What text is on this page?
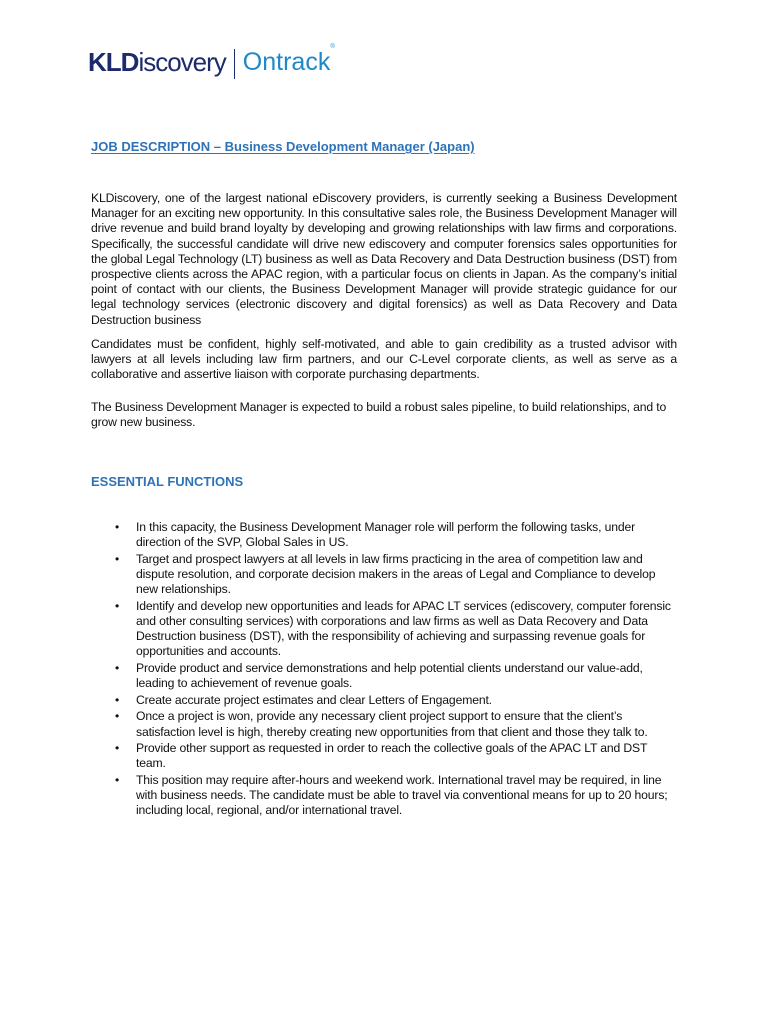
KLDiscovery Ontrack®
JOB DESCRIPTION – Business Development Manager (Japan)

KLDiscovery, one of the largest national eDiscovery providers, is currently seeking a Business Development Manager for an exciting new opportunity. In this consultative sales role, the Business Development Manager will drive revenue and build brand loyalty by developing and growing relationships with law firms and corporations. Specifically, the successful candidate will drive new ediscovery and computer forensics sales opportunities for the global Legal Technology (LT) business as well as Data Recovery and Data Destruction business (DST) from prospective clients across the APAC region, with a particular focus on clients in Japan. As the company’s initial point of contact with our clients, the Business Development Manager will provide strategic guidance for our legal technology services (electronic discovery and digital forensics) as well as Data Recovery and Data Destruction business

Candidates must be confident, highly self-motivated, and able to gain credibility as a trusted advisor with lawyers at all levels including law firm partners, and our C-Level corporate clients, as well as serve as a collaborative and assertive liaison with corporate purchasing departments.

The Business Development Manager is expected to build a robust sales pipeline, to build relationships, and to grow new business.

ESSENTIAL FUNCTIONS
• In this capacity, the Business Development Manager role will perform the following tasks, under direction of the SVP, Global Sales in US.
• Target and prospect lawyers at all levels in law firms practicing in the area of competition law and dispute resolution, and corporate decision makers in the areas of Legal and Compliance to develop new relationships.
• Identify and develop new opportunities and leads for APAC LT services (ediscovery, computer forensic and other consulting services) with corporations and law firms as well as Data Recovery and Data Destruction business (DST), with the responsibility of achieving and surpassing revenue goals for opportunities and accounts.
• Provide product and service demonstrations and help potential clients understand our value-add, leading to achievement of revenue goals.
• Create accurate project estimates and clear Letters of Engagement.
• Once a project is won, provide any necessary client project support to ensure that the client’s satisfaction level is high, thereby creating new opportunities from that client and those they talk to.
• Provide other support as requested in order to reach the collective goals of the APAC LT and DST team.
• This position may require after-hours and weekend work. International travel may be required, in line with business needs. The candidate must be able to travel via conventional means for up to 20 hours; including local, regional, and/or international travel.
